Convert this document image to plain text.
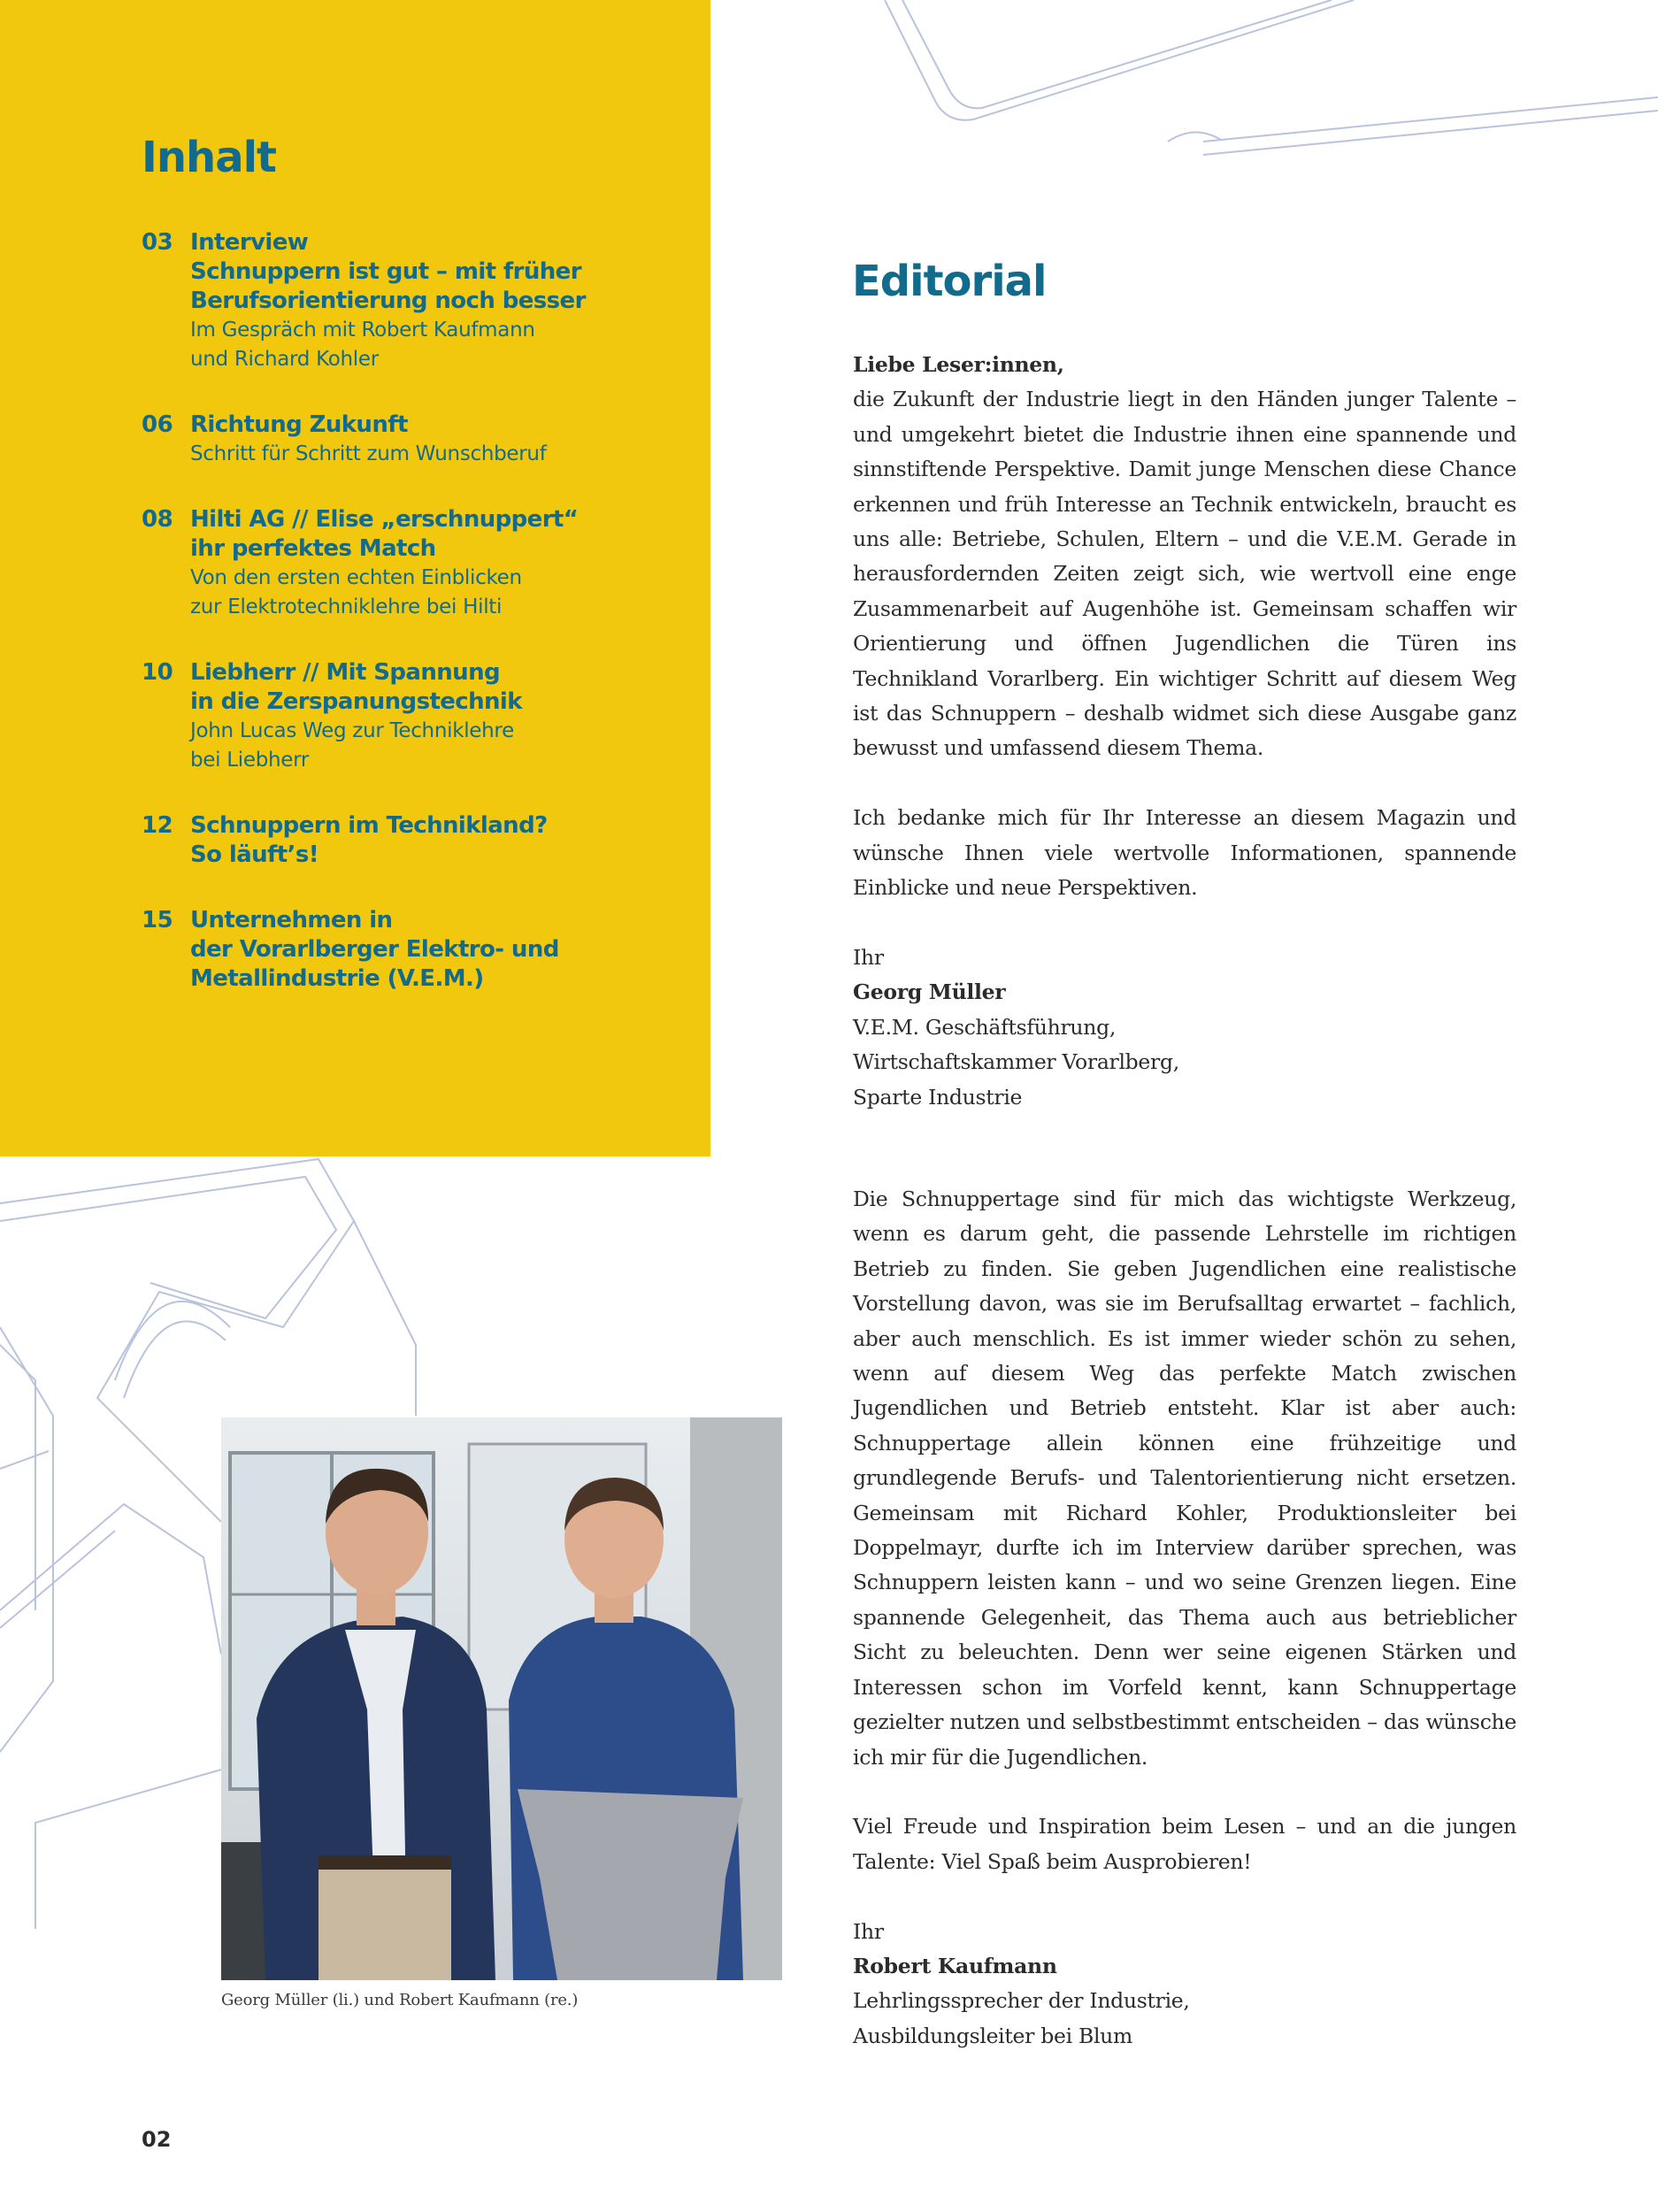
Inhalt
03 Interview
Schnuppern ist gut – mit früher
Berufsorientierung noch besser
Im Gespräch mit Robert Kaufmann
und Richard Kohler
06 Richtung Zukunft
Schritt für Schritt zum Wunschberuf
08 Hilti AG // Elise „erschnuppert“
ihr perfektes Match
Von den ersten echten Einblicken
zur Elektrotechniklehre bei Hilti
10 Liebherr // Mit Spannung
in die Zerspanungstechnik
John Lucas Weg zur Techniklehre
bei Liebherr
12 Schnuppern im Technikland?
So läuft’s!
15 Unternehmen in
der Vorarlberger Elektro- und
Metallindustrie (V.E.M.)
Editorial

Liebe Leser:innen,

die Zukunft der Industrie liegt in den Händen junger Talente – und umgekehrt bietet die Industrie ihnen eine spannende und sinnstiftende Perspektive. Damit junge Menschen diese Chance erkennen und früh Interesse an Technik entwickeln, braucht es uns alle: Betriebe, Schulen, Eltern – und die V.E.M. Gerade in herausfordernden Zeiten zeigt sich, wie wertvoll eine enge Zusammenarbeit auf Augenhöhe ist. Gemeinsam schaffen wir Orientierung und öffnen Jugendlichen die Türen ins Technikland Vorarlberg. Ein wichtiger Schritt auf diesem Weg ist das Schnuppern – deshalb widmet sich diese Ausgabe ganz bewusst und umfassend diesem Thema.

Ich bedanke mich für Ihr Interesse an diesem Magazin und wünsche Ihnen viele wertvolle Informationen, spannende Einblicke und neue Perspektiven.

Ihr

Georg Müller

V.E.M. Geschäftsführung,

Wirtschaftskammer Vorarlberg,

Sparte Industrie

Die Schnuppertage sind für mich das wichtigste Werkzeug, wenn es darum geht, die passende Lehrstelle im richtigen Betrieb zu finden. Sie geben Jugendlichen eine realistische Vorstellung davon, was sie im Berufsalltag erwartet – fachlich, aber auch menschlich. Es ist immer wieder schön zu sehen, wenn auf diesem Weg das perfekte Match zwischen Jugendlichen und Betrieb entsteht. Klar ist aber auch: Schnuppertage allein können eine frühzeitige und grundlegende Berufs- und Talentorientierung nicht ersetzen. Gemeinsam mit Richard Kohler, Produktionsleiter bei Doppelmayr, durfte ich im Interview darüber sprechen, was Schnuppern leisten kann – und wo seine Grenzen liegen. Eine spannende Gelegenheit, das Thema auch aus betrieblicher Sicht zu beleuchten. Denn wer seine eigenen Stärken und Interessen schon im Vorfeld kennt, kann Schnuppertage gezielter nutzen und selbstbestimmt entscheiden – das wünsche ich mir für die Jugendlichen.

Viel Freude und Inspiration beim Lesen – und an die jungen Talente: Viel Spaß beim Ausprobieren!

Ihr

Robert Kaufmann

Lehrlingssprecher der Industrie,

Ausbildungsleiter bei Blum

Georg Müller (li.) und Robert Kaufmann (re.)
02
